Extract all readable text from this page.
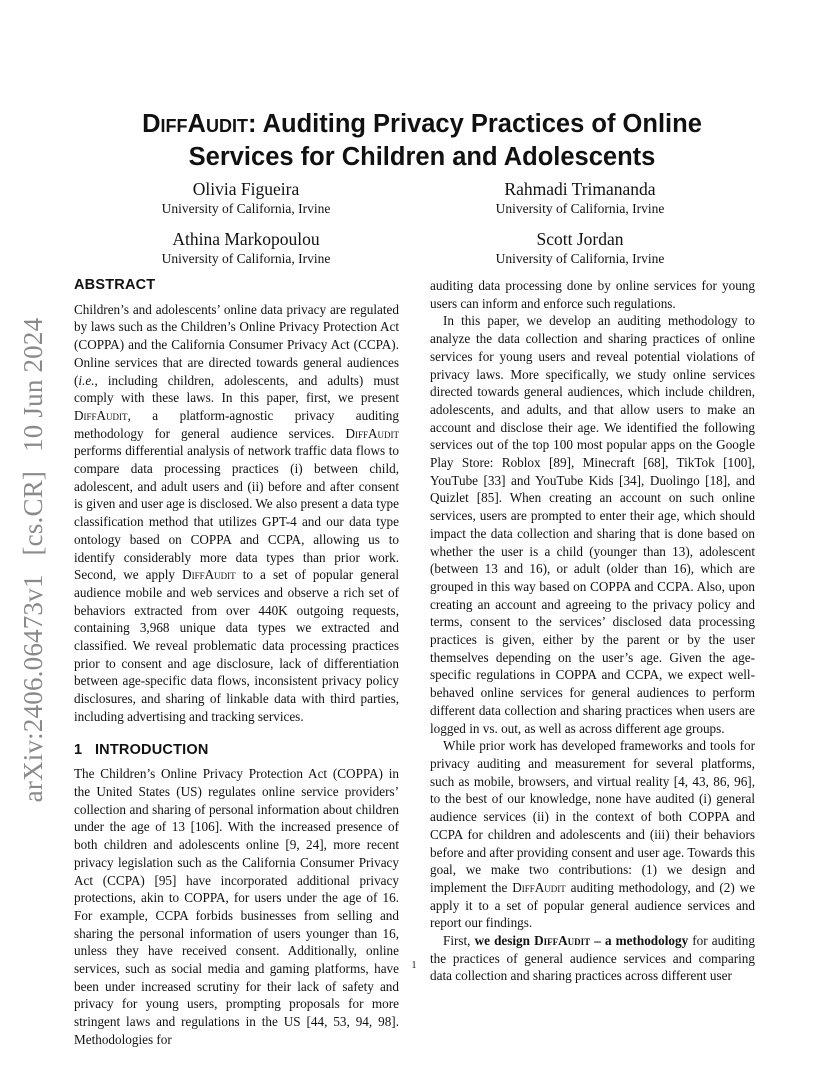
arXiv:2406.06473v1 [cs.CR] 10 Jun 2024
DiffAudit: Auditing Privacy Practices of Online
Services for Children and Adolescents
Olivia Figueira
University of California, Irvine
Rahmadi Trimananda
University of California, Irvine
Athina Markopoulou
University of California, Irvine
Scott Jordan
University of California, Irvine
ABSTRACT

Children’s and adolescents’ online data privacy are regulated by laws such as the Children’s Online Privacy Protection Act (COPPA) and the California Consumer Privacy Act (CCPA). Online services that are directed towards general audiences (i.e., including children, adolescents, and adults) must comply with these laws. In this paper, first, we present DiffAudit, a platform-agnostic privacy auditing methodology for general audience services. DiffAudit performs differential analysis of network traffic data flows to compare data processing practices (i) between child, adolescent, and adult users and (ii) before and after consent is given and user age is disclosed. We also present a data type classification method that utilizes GPT-4 and our data type ontology based on COPPA and CCPA, allowing us to identify considerably more data types than prior work. Second, we apply DiffAudit to a set of popular general audience mobile and web services and observe a rich set of behaviors extracted from over 440K outgoing requests, containing 3,968 unique data types we extracted and classified. We reveal problematic data processing practices prior to consent and age disclosure, lack of differentiation between age-specific data flows, inconsistent privacy policy disclosures, and sharing of linkable data with third parties, including advertising and tracking services.

1   INTRODUCTION

The Children’s Online Privacy Protection Act (COPPA) in the United States (US) regulates online service providers’ collection and sharing of personal information about children under the age of 13 [106]. With the increased presence of both children and adolescents online [9, 24], more recent privacy legislation such as the California Consumer Privacy Act (CCPA) [95] have incorporated additional privacy protections, akin to COPPA, for users under the age of 16. For example, CCPA forbids businesses from selling and sharing the personal information of users younger than 16, unless they have received consent. Additionally, online services, such as social media and gaming platforms, have been under increased scrutiny for their lack of safety and privacy for young users, prompting proposals for more stringent laws and regulations in the US [44, 53, 94, 98]. Methodologies for

auditing data processing done by online services for young users can inform and enforce such regulations.

In this paper, we develop an auditing methodology to analyze the data collection and sharing practices of online services for young users and reveal potential violations of privacy laws. More specifically, we study online services directed towards general audiences, which include children, adolescents, and adults, and that allow users to make an account and disclose their age. We identified the following services out of the top 100 most popular apps on the Google Play Store: Roblox [89], Minecraft [68], TikTok [100], YouTube [33] and YouTube Kids [34], Duolingo [18], and Quizlet [85]. When creating an account on such online services, users are prompted to enter their age, which should impact the data collection and sharing that is done based on whether the user is a child (younger than 13), adolescent (between 13 and 16), or adult (older than 16), which are grouped in this way based on COPPA and CCPA. Also, upon creating an account and agreeing to the privacy policy and terms, consent to the services’ disclosed data processing practices is given, either by the parent or by the user themselves depending on the user’s age. Given the age-specific regulations in COPPA and CCPA, we expect well-behaved online services for general audiences to perform different data collection and sharing practices when users are logged in vs. out, as well as across different age groups.

While prior work has developed frameworks and tools for privacy auditing and measurement for several platforms, such as mobile, browsers, and virtual reality [4, 43, 86, 96], to the best of our knowledge, none have audited (i) general audience services (ii) in the context of both COPPA and CCPA for children and adolescents and (iii) their behaviors before and after providing consent and user age. Towards this goal, we make two contributions: (1) we design and implement the DiffAudit auditing methodology, and (2) we apply it to a set of popular general audience services and report our findings.

First, we design DiffAudit – a methodology for auditing the practices of general audience services and comparing data collection and sharing practices across different user

1
